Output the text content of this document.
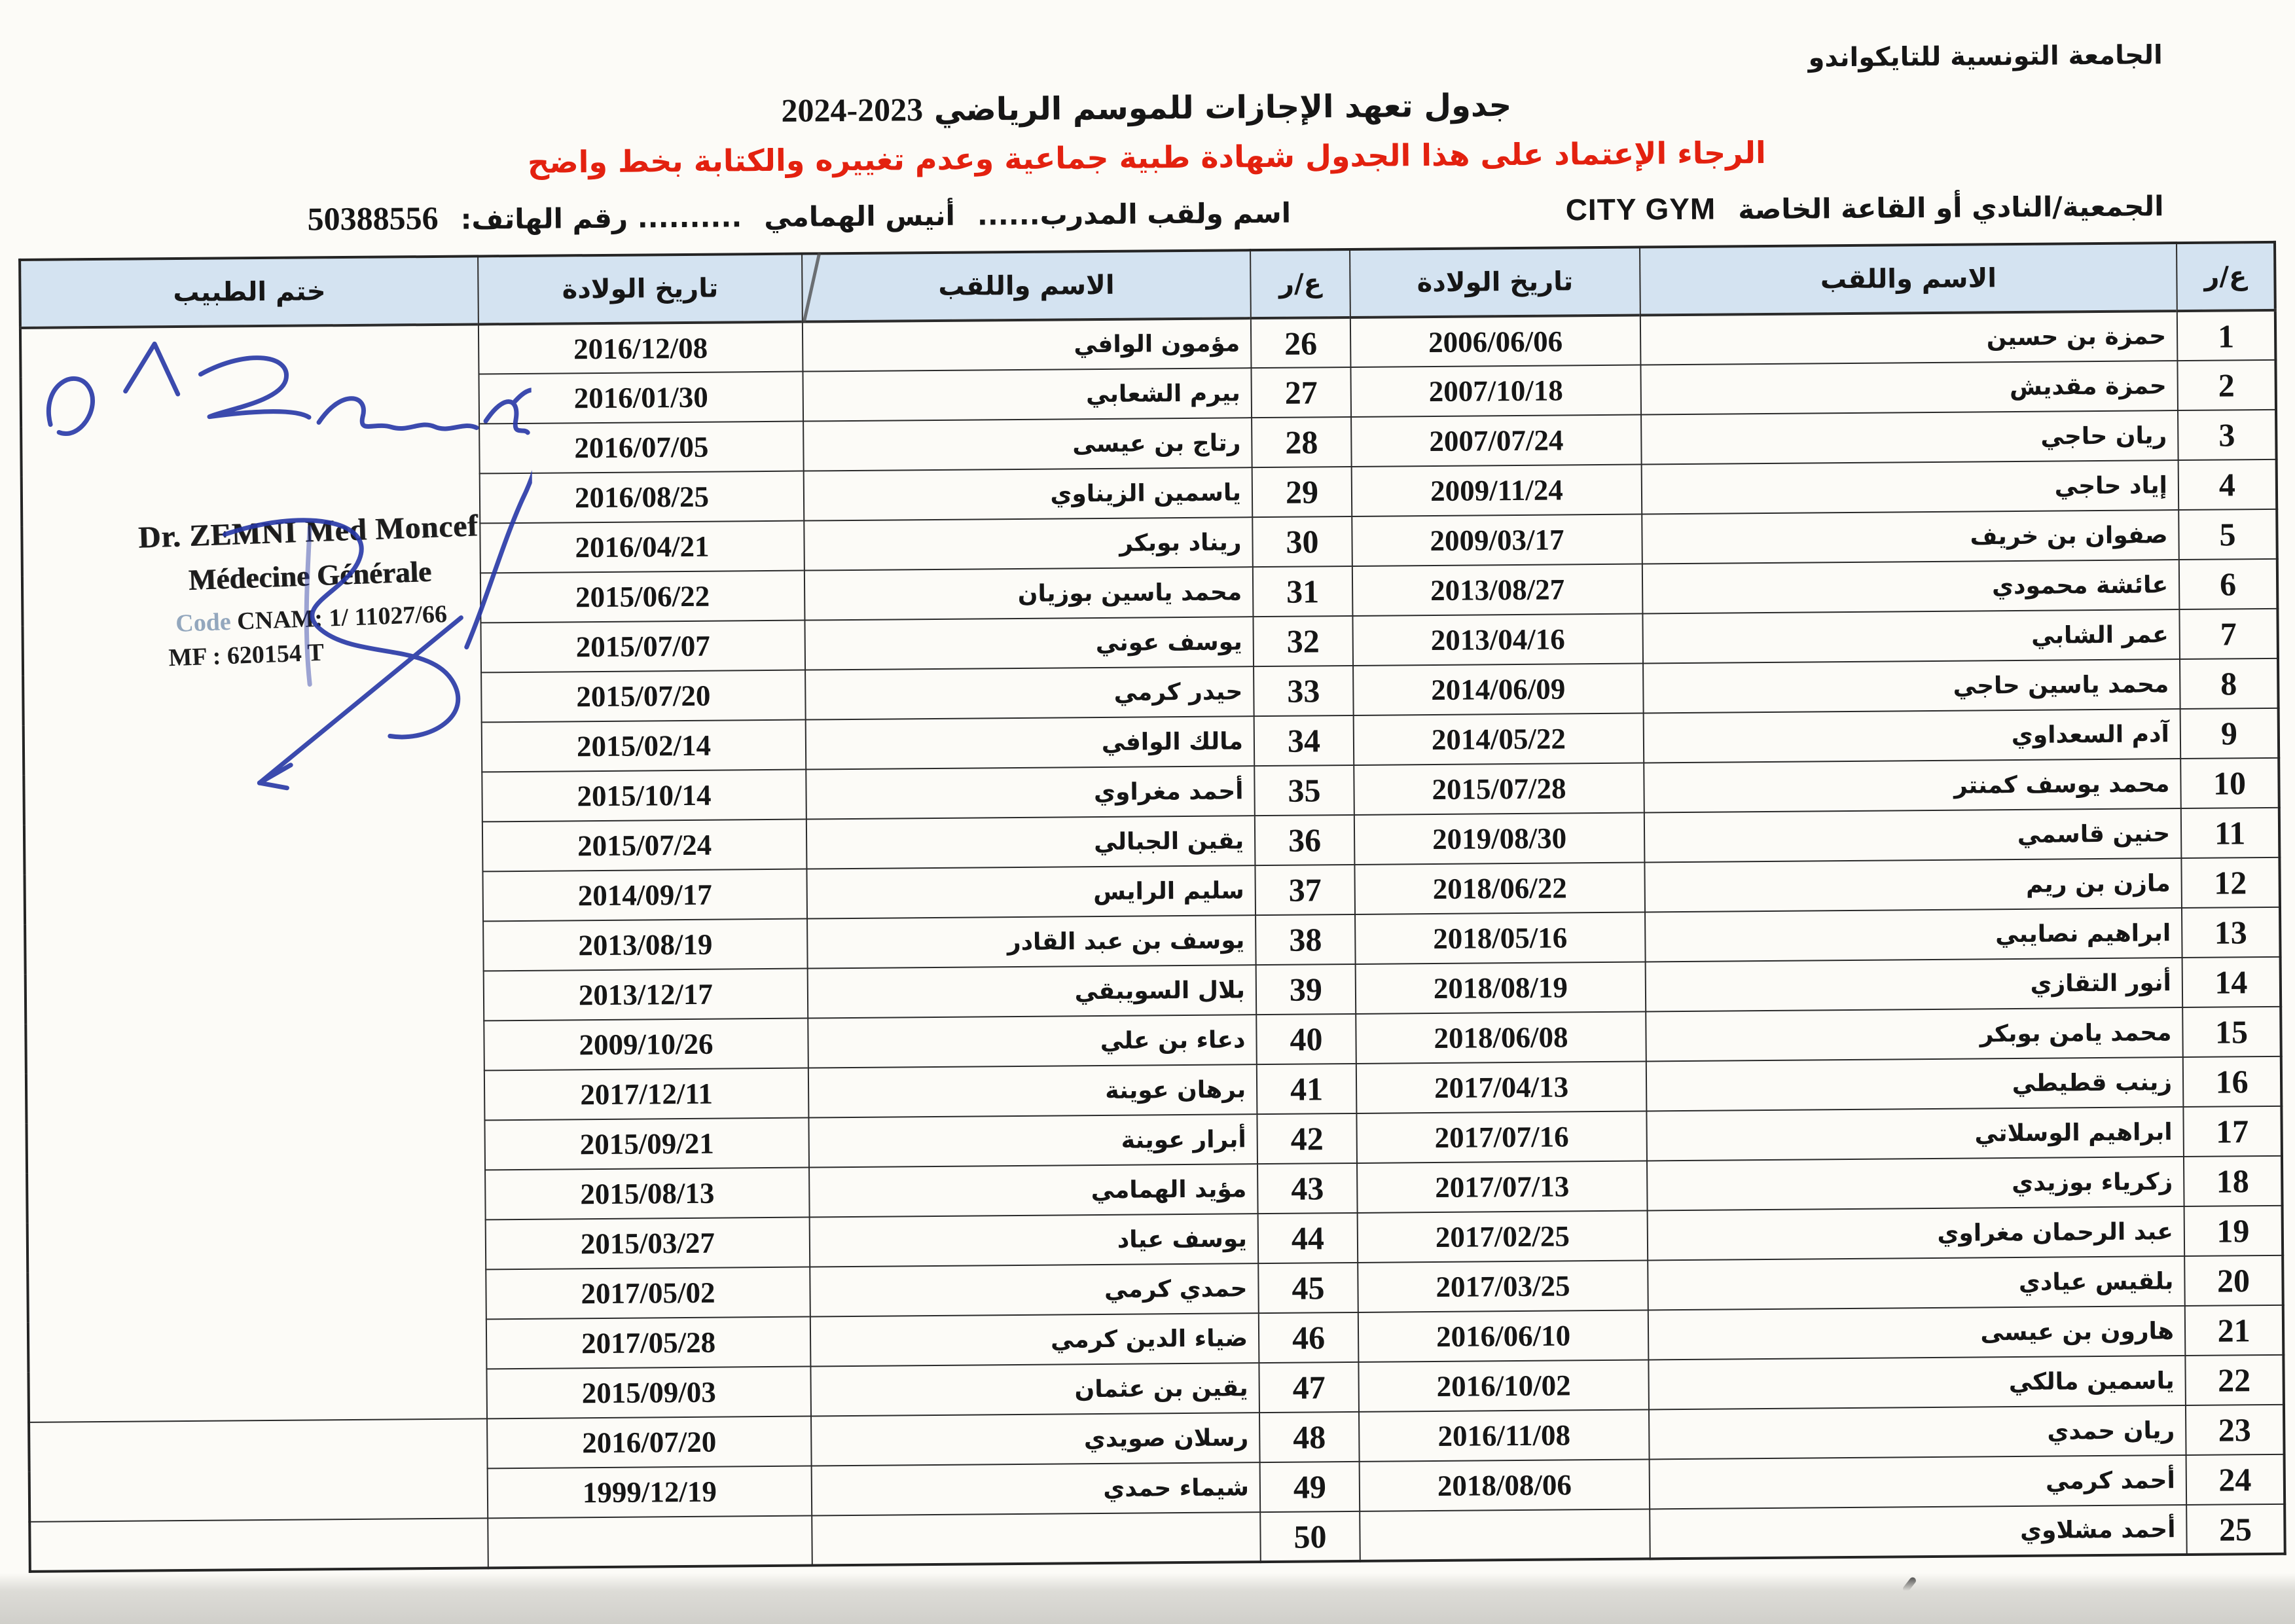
الجامعة التونسية للتايكواندو
جدول تعهد الإجازات للموسم الرياضي 2024-2023
الرجاء الإعتماد على هذا الجدول شهادة طبية جماعية وعدم تغييره والكتابة بخط واضح
الجمعية/النادي أو القاعة الخاصة
CITY GYM
اسم ولقب المدرب......
أنيس الهمامي
.......... رقم الهاتف:
50388556
ع/ر	الاسم واللقب	تاريخ الولادة	ع/ر	الاسم واللقب	تاريخ الولادة	ختم الطبيب
1	حمزة بن حسين	2006/06/06	26	مؤمون الوافي	2016/12/08	
2	حمزة مقديش	2007/10/18	27	بيرم الشعابي	2016/01/30	
3	ريان حاجي	2007/07/24	28	رتاج بن عيسى	2016/07/05	
4	إياد حاجي	2009/11/24	29	ياسمين الزيناوي	2016/08/25	
5	صفوان بن خريف	2009/03/17	30	ريناد بوبكر	2016/04/21	
6	عائشة محمودي	2013/08/27	31	محمد ياسين بوزيان	2015/06/22	
7	عمر الشابي	2013/04/16	32	يوسف عوني	2015/07/07	
8	محمد ياسين حاجي	2014/06/09	33	حيدر كرمي	2015/07/20	
9	آدم السعداوي	2014/05/22	34	مالك الوافي	2015/02/14	
10	محمد يوسف كمنتر	2015/07/28	35	أحمد مغراوي	2015/10/14	
11	حنين قاسمي	2019/08/30	36	يقين الجبالي	2015/07/24	
12	مازن بن ريم	2018/06/22	37	سليم الرايس	2014/09/17	
13	ابراهيم نصايبي	2018/05/16	38	يوسف بن عبد القادر	2013/08/19	
14	أنور التقازي	2018/08/19	39	بلال السويبقي	2013/12/17	
15	محمد يامن بوبكر	2018/06/08	40	دعاء بن علي	2009/10/26	
16	زينب قطيطي	2017/04/13	41	برهان عوينة	2017/12/11	
17	ابراهيم الوسلاتي	2017/07/16	42	أبرار عوينة	2015/09/21	
18	زكرياء بوزيدي	2017/07/13	43	مؤيد الهمامي	2015/08/13	
19	عبد الرحمان مغراوي	2017/02/25	44	يوسف عياد	2015/03/27	
20	بلقيس عيادي	2017/03/25	45	حمدي كرمي	2017/05/02	
21	هارون بن عيسى	2016/06/10	46	ضياء الدين كرمي	2017/05/28	
22	ياسمين مالكي	2016/10/02	47	يقين بن عثمان	2015/09/03	
23	ريان حمدي	2016/11/08	48	رسلان صويدي	2016/07/20	
24	أحمد كرمي	2018/08/06	49	شيماء حمدي	1999/12/19	
25	أحمد مشلاوي		50			
Dr. ZEMNI Med Moncef
Médecine Générale
Code CNAM: 1/ 11027/66
MF : 620154 T
